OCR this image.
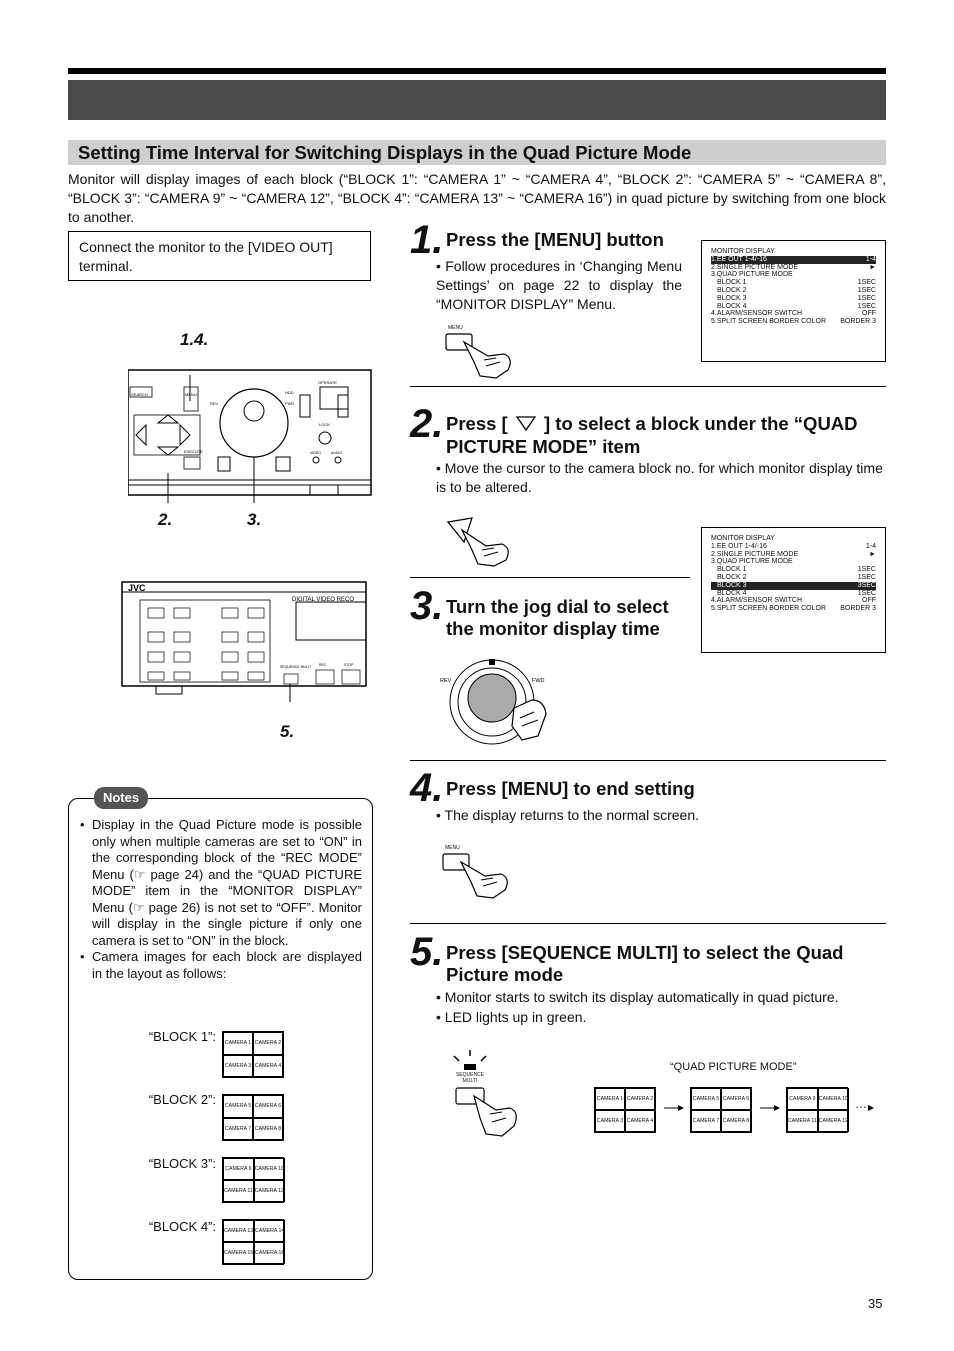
Setting Time Interval for Switching Displays in the Quad Picture Mode
Monitor will display images of each block (“BLOCK 1”: “CAMERA 1” ~ “CAMERA 4”, “BLOCK 2”: “CAMERA 5” ~ “CAMERA 8”, “BLOCK 3”: “CAMERA 9” ~ “CAMERA 12”, “BLOCK 4”: “CAMERA 13” ~ “CAMERA 16”) in quad picture by switching from one block to another.
Connect the monitor to the [VIDEO OUT] terminal.
SEARCH	MENU
REV	FWD
EXECUTE
HDD
OPERATE
LOCK
VIDEO	AUDIO
1.4.
2.	3.
JVC
DIGITAL VIDEO RECO
SEQUENCE MULTI REC	STOP
5.
Notes
• Display in the Quad Picture mode is possible only when multiple cameras are set to “ON” in the corresponding block of the “REC MODE” Menu (☞ page 24) and the “QUAD PICTURE MODE” item in the “MONITOR DISPLAY” Menu (☞ page 26) is not set to “OFF”. Monitor will display in the single picture if only one camera is set to “ON” in the block.
• Camera images for each block are displayed in the layout as follows:
“BLOCK 1”:	CAMERA 1 CAMERA 2
CAMERA 3 CAMERA 4
“BLOCK 2”:	CAMERA 5 CAMERA 6
CAMERA 7 CAMERA 8
“BLOCK 3”:	CAMERA 9 CAMERA 10
CAMERA 11 CAMERA 12
“BLOCK 4”: CAMERA 13 CAMERA 14
CAMERA 15 CAMERA 16
1. Press the [MENU] button
• Follow procedures in ‘Changing Menu Settings’ on page 22 to display the “MONITOR DISPLAY” Menu.
MENU
MONITOR DISPLAY
1.EE OUT 1-4/-16	1-4
2.SINGLE PICTURE MODE	►
3.QUAD PICTURE MODE
BLOCK 1	1SEC
BLOCK 2	1SEC
BLOCK 3	1SEC
BLOCK 4	1SEC
4.ALARM/SENSOR SWITCH	OFF
5.SPLIT SCREEN BORDER COLOR BORDER 3
2. Press [ ] to select a block under the “QUAD PICTURE MODE” item
• Move the cursor to the camera block no. for which monitor display time is to be altered.
MONITOR DISPLAY
1.EE OUT 1-4/-16	1-4
2.SINGLE PICTURE MODE	►
3.QUAD PICTURE MODE
BLOCK 1	1SEC
BLOCK 2	1SEC
BLOCK 3	3SEC
BLOCK 4	1SEC
4.ALARM/SENSOR SWITCH	OFF
5.SPLIT SCREEN BORDER COLOR BORDER 3
3. Turn the jog dial to select the monitor display time
REV	FWD
4. Press [MENU] to end setting
• The display returns to the normal screen.
MENU
5. Press [SEQUENCE MULTI] to select the Quad Picture mode
• Monitor starts to switch its display automatically in quad picture.
• LED lights up in green.
SEQUENCE MULTI
“QUAD PICTURE MODE”
CAMERA 1 CAMERA 2
CAMERA 3 CAMERA 4
CAMERA 5 CAMERA 6
CAMERA 7 CAMERA 8
CAMERA 9 CAMERA 10
CAMERA 11 CAMERA 12
…
35
